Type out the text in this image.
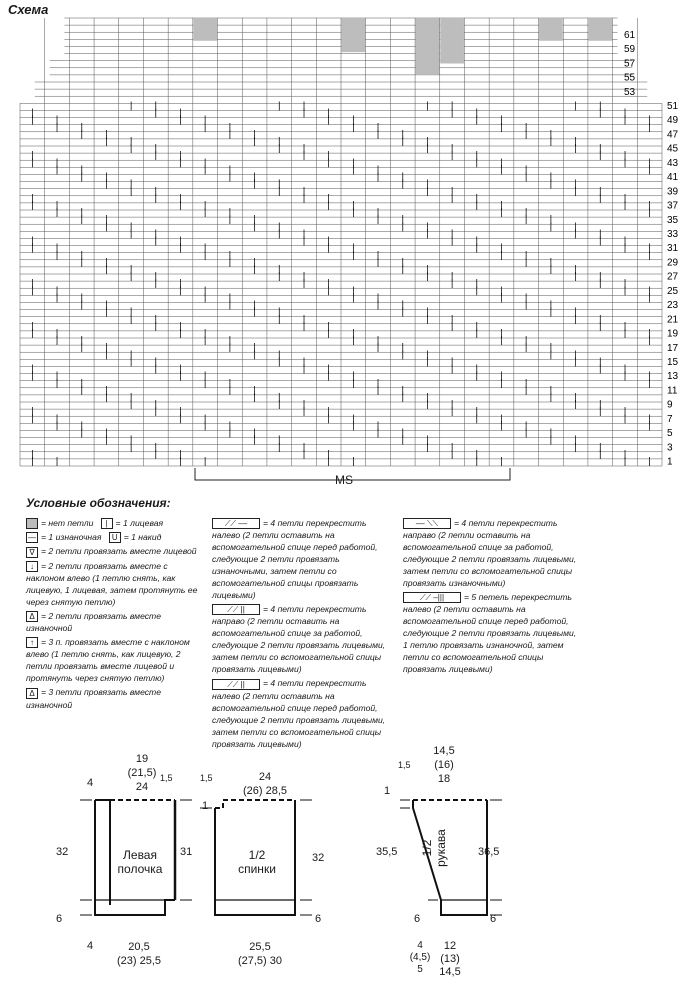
Схема
| |	| |	| |	| |	| |
|	| |	| |	| |	| |
| |	| |	| |	| |
| |	| |	| |	| |
| |	| |	| |	| |
| |	| |	| |	| |	|
| |	| |	| |	| |	| |
|	| |	| |	| |	| |
| |	| |	| |	| |
| |	| |	| |	| |
| |	| |	| |	| |
| |	| |	| |	| |	|
| |	| |	| |	| |	| |
|	| |	| |	| |	| |
| |	| |	| |	| |
| |	| |	| |	| |
| |	| |	| |	| |
| |	| |	| |	| |	|
| |	| |	| |	| |	| |
|	| |	| |	| |	| |
| |	| |	| |	| |
| |	| |	| |	| |
| |	| |	| |	| |
| |	| |	| |	| |	|
| |	| |	| |	| |	| |
|	| |	| |	| |	| |
| |	| |	| |	| |
| |	| |	| |	| |
| |	| |	| |	| |
| |	| |	| |	| |	|
| |	| |	| |	| |	| |
|	| |	| |	| |	| |
| |	| |	| |	| |
| |	| |	| |	| |
| |	| |	| |	| |
| |	| |	| |	| |	|
| |	| |	| |	| |	| |
|	| |	| |	| |	| |
| |	| |	| |	| |
| |	| |	| |	| |
| |	| |	| |	| |
| |	| |	| |	| |	|
| |	| |	| |	| |	| |
|	| |	| |	| |	| |
| |	| |	| |	| |
| |	| |	| |	| |
| |	| |	| |	| |
| |	| |	| |	| |	|
| |	| |	| |	| |	| |
|	| |	| |	| |	| |
| |	| |	| |	| |
61
59
57
55
53
51
49
47
45
43
41
39
37
35
33
31
29
27
25
23
21
19
17
15
13
11
9
7
5
3
1
MS
Условные обозначения:

= нет петли | = 1 лицевая

— = 1 изнаночная U = 1 накид

∇ = 2 петли провязать вместе лицевой

↓ = 2 петли провязать вместе с наклоном влево (1 петлю снять, как лицевую, 1 лицевая, затем протянуть ее через снятую петлю)

Δ = 2 петли провязать вместе изнаночной

↑ = 3 п. провязать вместе с наклоном влево (1 петлю снять, как лицевую, 2 петли провязать вместе лицевой и протянуть через снятую петлю)

Δ = 3 петли провязать вместе изнаночной

⟋⟋ ‒‒ = 4 петли перекрестить налево (2 петли оставить на вспомогательной спице перед работой, следующие 2 петли провязать изнаночными, затем петли со вспомогательной спицы провязать лицевыми)

⟋⟋ || = 4 петли перекрестить направо (2 петли оставить на вспомогательной спице за работой, следующие 2 петли провязать лицевыми, затем петли со вспомогательной спицы провязать лицевыми)

⟋⟋ || = 4 петли перекрестить налево (2 петли оставить на вспомогательной спице перед работой, следующие 2 петли провязать лицевыми, затем петли со вспомогательной спицы провязать лицевыми)

‒‒ ⟍⟍ = 4 петли перекрестить направо (2 петли оставить на вспомогательной спице за работой, следующие 2 петли провязать лицевыми, затем петли со вспомогательной спицы провязать изнаночными)

⟋⟋ ‒||| = 5 петель перекрестить налево (2 петли оставить на вспомогательной спице перед работой, следующие 2 петли провязать лицевыми, 1 петлю провязать изнаночной, затем петли со вспомогательной спицы провязать лицевыми)

Левая
полочка
1/2
спинки
1/2
рукава
19
(21,5)
24
4	1,5
32	31
6
4	20,5
(23) 25,5
1,5	24
(26) 28,5
1
32
6
25,5
(27,5) 30
14,5
(16)
18
1,5
1
35,5	36,5
6	6
4
(4,5)
5
12
(13)
14,5
